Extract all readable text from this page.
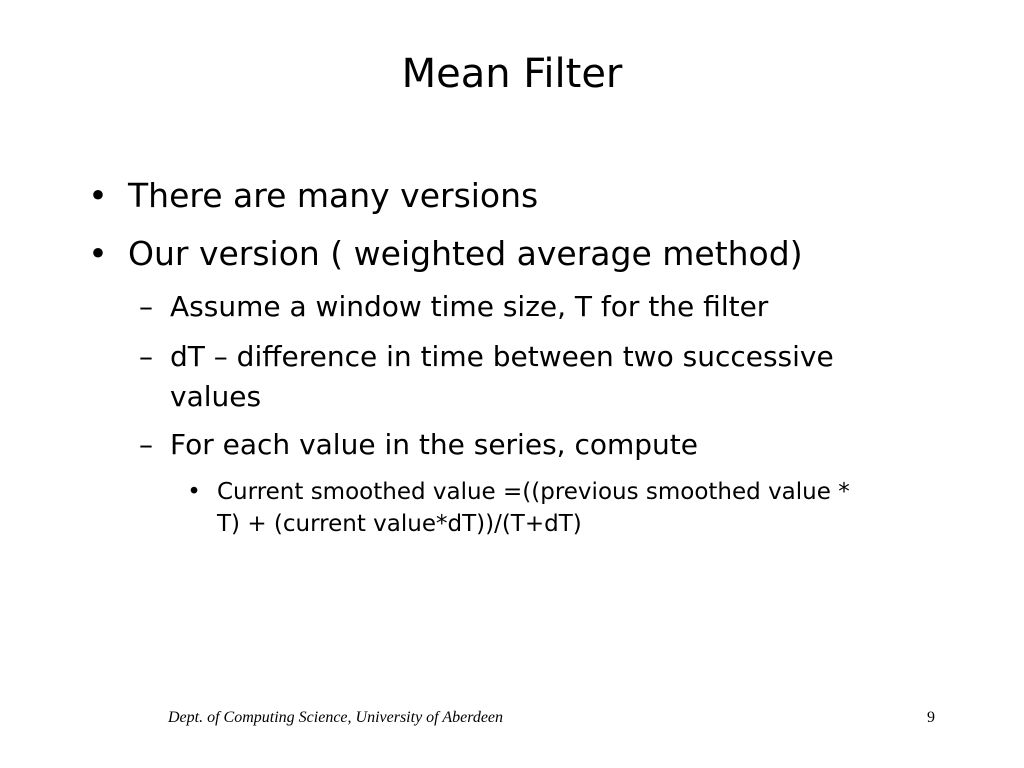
Mean Filter
• There are many versions
• Our version ( weighted average method)
– Assume a window time size, T for the filter
– dT – difference in time between two successive
values
– For each value in the series, compute
• Current smoothed value =((previous smoothed value *
T) + (current value*dT))/(T+dT)
Dept. of Computing Science, University of Aberdeen	9
